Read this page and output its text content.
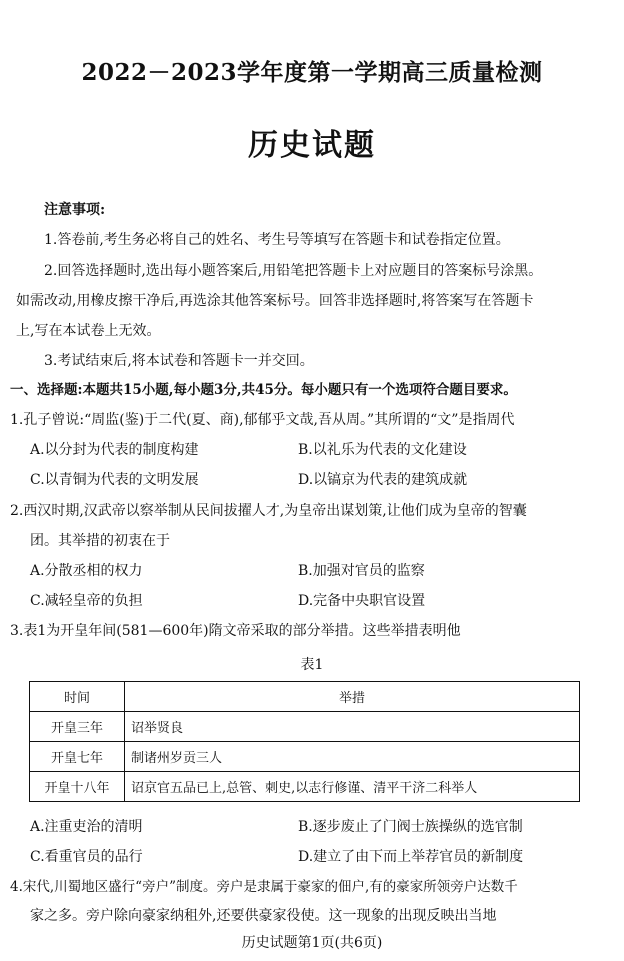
2022－2023学年度第一学期高三质量检测
历史试题
注意事项:
1.答卷前,考生务必将自己的姓名、考生号等填写在答题卡和试卷指定位置。
2.回答选择题时,选出每小题答案后,用铅笔把答题卡上对应题目的答案标号涂黑。
如需改动,用橡皮擦干净后,再选涂其他答案标号。回答非选择题时,将答案写在答题卡
上,写在本试卷上无效。
3.考试结束后,将本试卷和答题卡一并交回。
一、选择题:本题共15小题,每小题3分,共45分。每小题只有一个选项符合题目要求。
1.孔子曾说:“周监(鉴)于二代(夏、商),郁郁乎文哉,吾从周。”其所谓的“文”是指周代
A.以分封为代表的制度构建	B.以礼乐为代表的文化建设
C.以青铜为代表的文明发展	D.以镐京为代表的建筑成就
2.西汉时期,汉武帝以察举制从民间拔擢人才,为皇帝出谋划策,让他们成为皇帝的智囊
团。其举措的初衷在于
A.分散丞相的权力	B.加强对官员的监察
C.减轻皇帝的负担	D.完备中央职官设置
3.表1为开皇年间(581—600年)隋文帝采取的部分举措。这些举措表明他
表1
时间	举措
开皇三年	诏举贤良
开皇七年	制诸州岁贡三人
开皇十八年	诏京官五品已上,总管、刺史,以志行修谨、清平干济二科举人
A.注重吏治的清明	B.逐步废止了门阀士族操纵的选官制
C.看重官员的品行	D.建立了由下而上举荐官员的新制度
4.宋代,川蜀地区盛行“旁户”制度。旁户是隶属于豪家的佃户,有的豪家所领旁户达数千
家之多。旁户除向豪家纳租外,还要供豪家役使。这一现象的出现反映出当地
历史试题第1页(共6页)
